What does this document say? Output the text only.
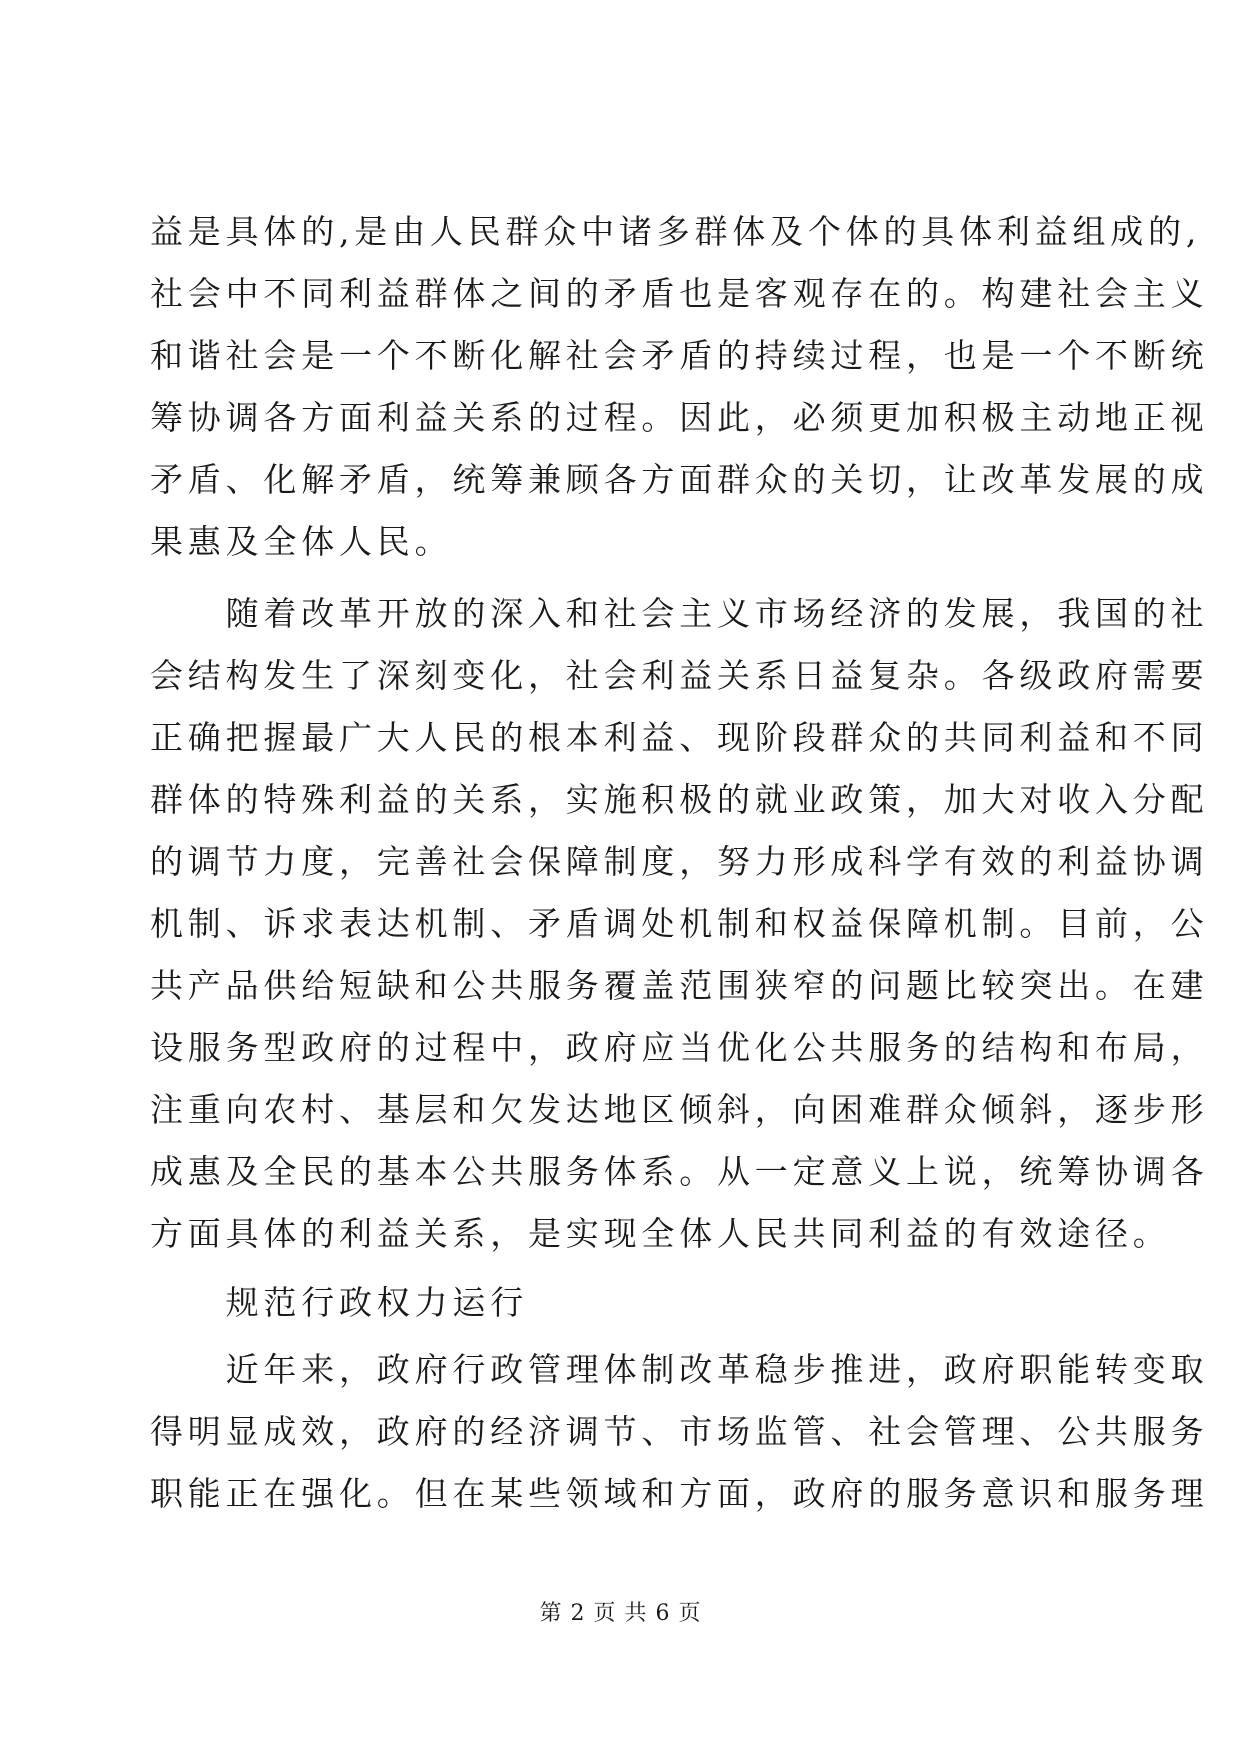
益是具体的,是由人民群众中诸多群体及个体的具体利益组成的,
社会中不同利益群体之间的矛盾也是客观存在的。构建社会主义
和谐社会是一个不断化解社会矛盾的持续过程，也是一个不断统
筹协调各方面利益关系的过程。因此，必须更加积极主动地正视
矛盾、化解矛盾，统筹兼顾各方面群众的关切，让改革发展的成
果惠及全体人民。
　　随着改革开放的深入和社会主义市场经济的发展，我国的社
会结构发生了深刻变化，社会利益关系日益复杂。各级政府需要
正确把握最广大人民的根本利益、现阶段群众的共同利益和不同
群体的特殊利益的关系，实施积极的就业政策，加大对收入分配
的调节力度，完善社会保障制度，努力形成科学有效的利益协调
机制、诉求表达机制、矛盾调处机制和权益保障机制。目前，公
共产品供给短缺和公共服务覆盖范围狭窄的问题比较突出。在建
设服务型政府的过程中，政府应当优化公共服务的结构和布局，
注重向农村、基层和欠发达地区倾斜，向困难群众倾斜，逐步形
成惠及全民的基本公共服务体系。从一定意义上说，统筹协调各
方面具体的利益关系，是实现全体人民共同利益的有效途径。
　　规范行政权力运行
　　近年来，政府行政管理体制改革稳步推进，政府职能转变取
得明显成效，政府的经济调节、市场监管、社会管理、公共服务
职能正在强化。但在某些领域和方面，政府的服务意识和服务理
第 2 页 共 6 页
